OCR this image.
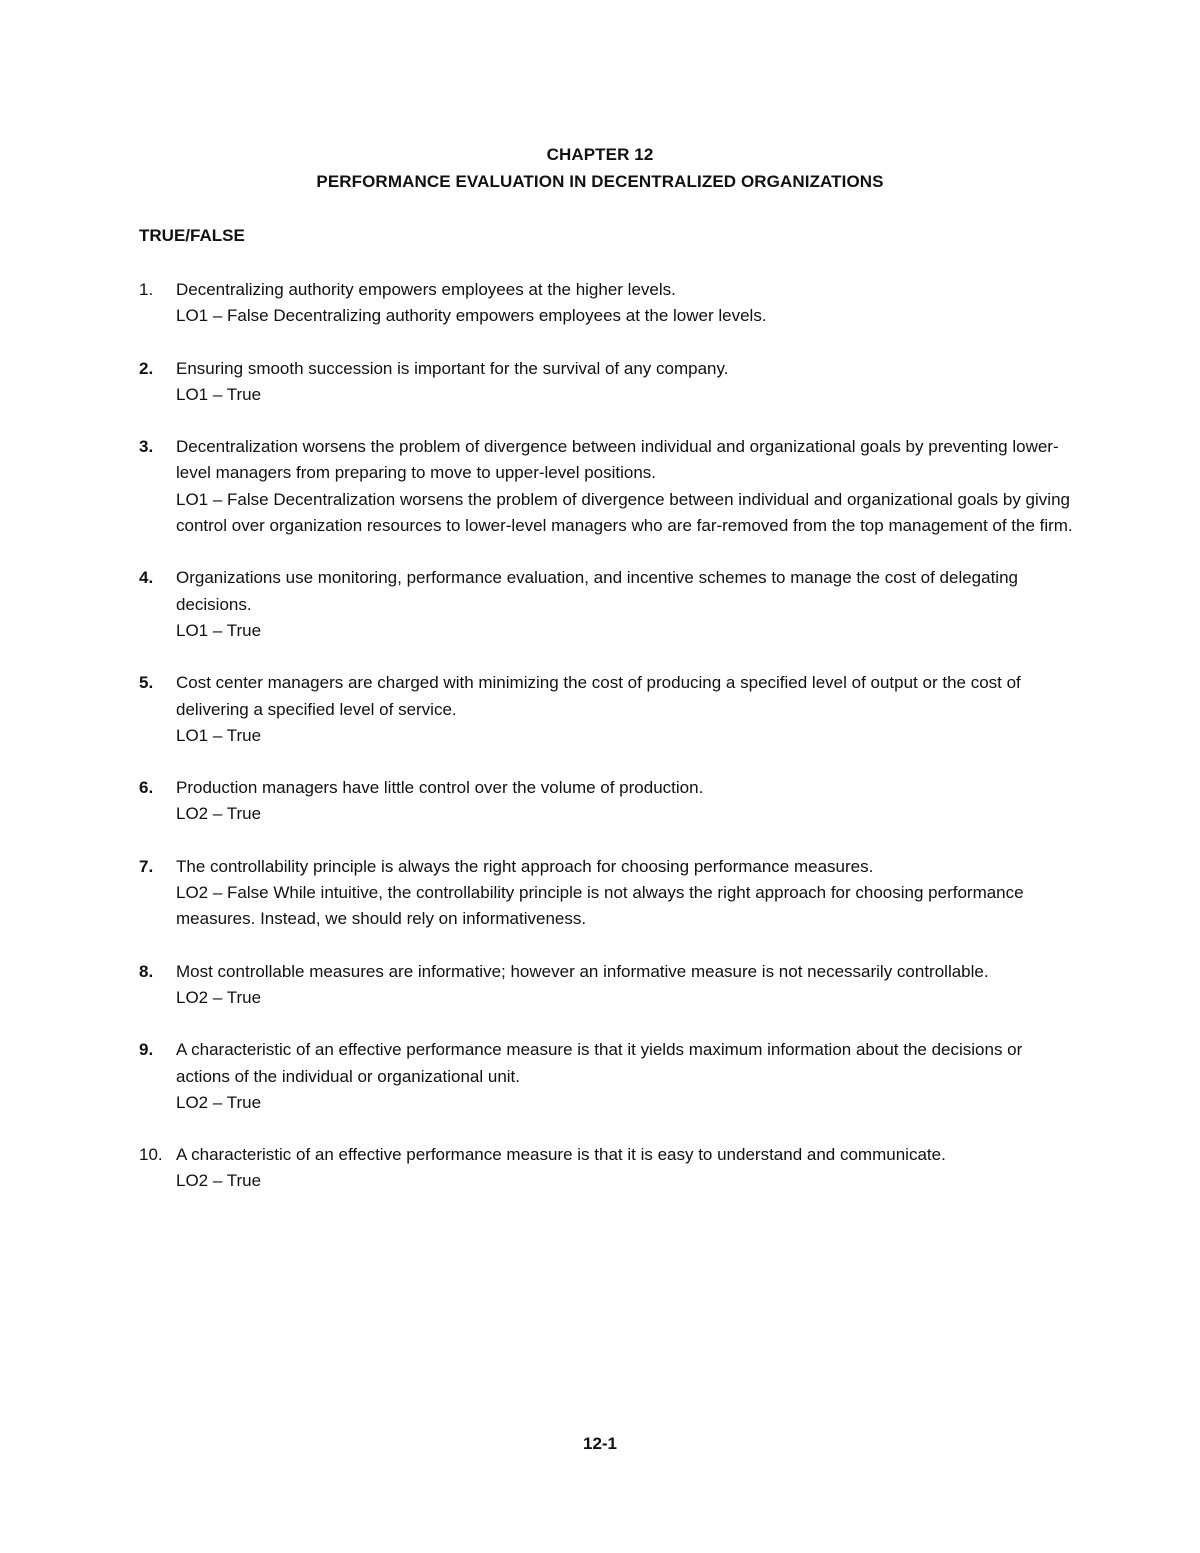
CHAPTER 12
PERFORMANCE EVALUATION IN DECENTRALIZED ORGANIZATIONS
TRUE/FALSE
1. Decentralizing authority empowers employees at the higher levels.
LO1 – False Decentralizing authority empowers employees at the lower levels.
2. Ensuring smooth succession is important for the survival of any company.
LO1 – True
3. Decentralization worsens the problem of divergence between individual and organizational goals by preventing lower-level managers from preparing to move to upper-level positions.
LO1 – False Decentralization worsens the problem of divergence between individual and organizational goals by giving control over organization resources to lower-level managers who are far-removed from the top management of the firm.
4. Organizations use monitoring, performance evaluation, and incentive schemes to manage the cost of delegating decisions.
LO1 – True
5. Cost center managers are charged with minimizing the cost of producing a specified level of output or the cost of delivering a specified level of service.
LO1 – True
6. Production managers have little control over the volume of production.
LO2 – True
7. The controllability principle is always the right approach for choosing performance measures.
LO2 – False While intuitive, the controllability principle is not always the right approach for choosing performance measures. Instead, we should rely on informativeness.
8. Most controllable measures are informative; however an informative measure is not necessarily controllable.
LO2 – True
9. A characteristic of an effective performance measure is that it yields maximum information about the decisions or actions of the individual or organizational unit.
LO2 – True
10. A characteristic of an effective performance measure is that it is easy to understand and communicate.
LO2 – True
12-1
